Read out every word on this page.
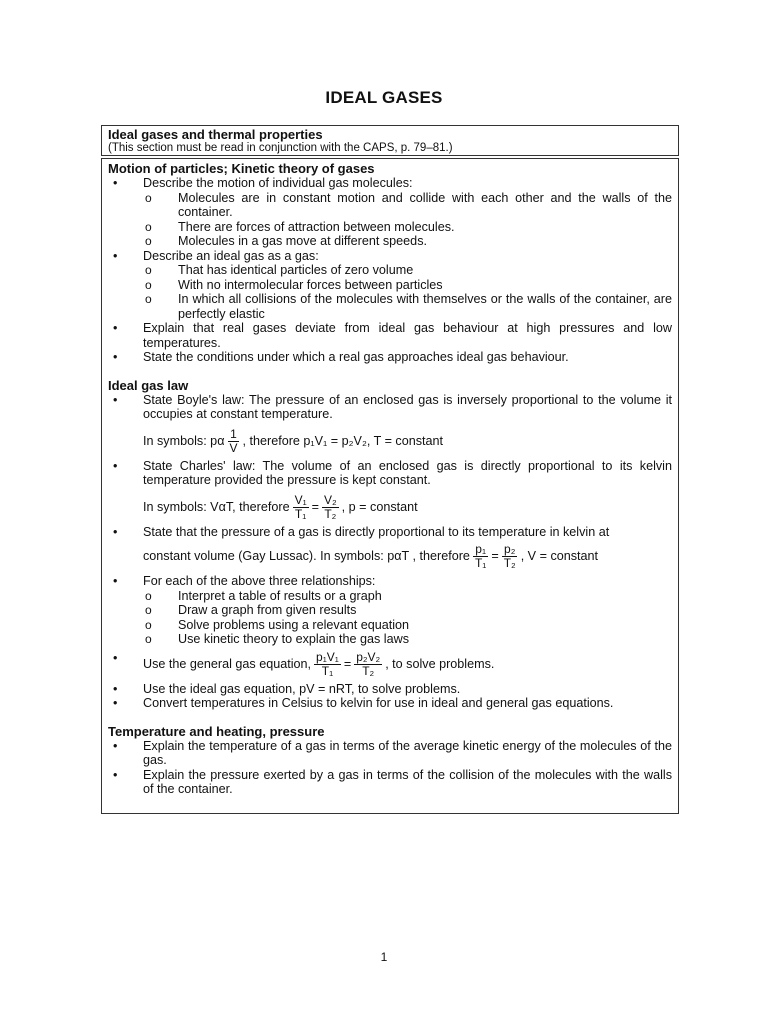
IDEAL GASES
Ideal gases and thermal properties
(This section must be read in conjunction with the CAPS, p. 79–81.)
Motion of particles; Kinetic theory of gases
• Describe the motion of individual gas molecules:
o Molecules are in constant motion and collide with each other and the walls of the container.
o There are forces of attraction between molecules.
o Molecules in a gas move at different speeds.
• Describe an ideal gas as a gas:
o That has identical particles of zero volume
o With no intermolecular forces between particles
o In which all collisions of the molecules with themselves or the walls of the container, are perfectly elastic
• Explain that real gases deviate from ideal gas behaviour at high pressures and low temperatures.
• State the conditions under which a real gas approaches ideal gas behaviour.
Ideal gas law
• State Boyle's law: The pressure of an enclosed gas is inversely proportional to the volume it occupies at constant temperature.
In symbols: pα $\frac{1}{V}$ , therefore p₁V₁ = p₂V₂, T = constant
• State Charles' law: The volume of an enclosed gas is directly proportional to its kelvin temperature provided the pressure is kept constant.
In symbols: VαT, therefore $\frac{\text{V₁}}{\text{T₁}} = \frac{\text{V₂}}{\text{T₂}}$ , p = constant
• State that the pressure of a gas is directly proportional to its temperature in kelvin at
constant volume (Gay Lussac). In symbols: pαT , therefore $\frac{\text{p₁}}{\text{T₁}} = \frac{\text{p₂}}{\text{T₂}}$ , V = constant
• For each of the above three relationships:
o Interpret a table of results or a graph
o Draw a graph from given results
o Solve problems using a relevant equation
o Use kinetic theory to explain the gas laws
• Use the general gas equation, $\frac{\text{p₁V₁}}{\text{T₁}} = \frac{\text{p₂V₂}}{\text{T₂}}$ , to solve problems.
• Use the ideal gas equation, pV = nRT, to solve problems.
• Convert temperatures in Celsius to kelvin for use in ideal and general gas equations.
Temperature and heating, pressure
• Explain the temperature of a gas in terms of the average kinetic energy of the molecules of the gas.
• Explain the pressure exerted by a gas in terms of the collision of the molecules with the walls of the container.
1
